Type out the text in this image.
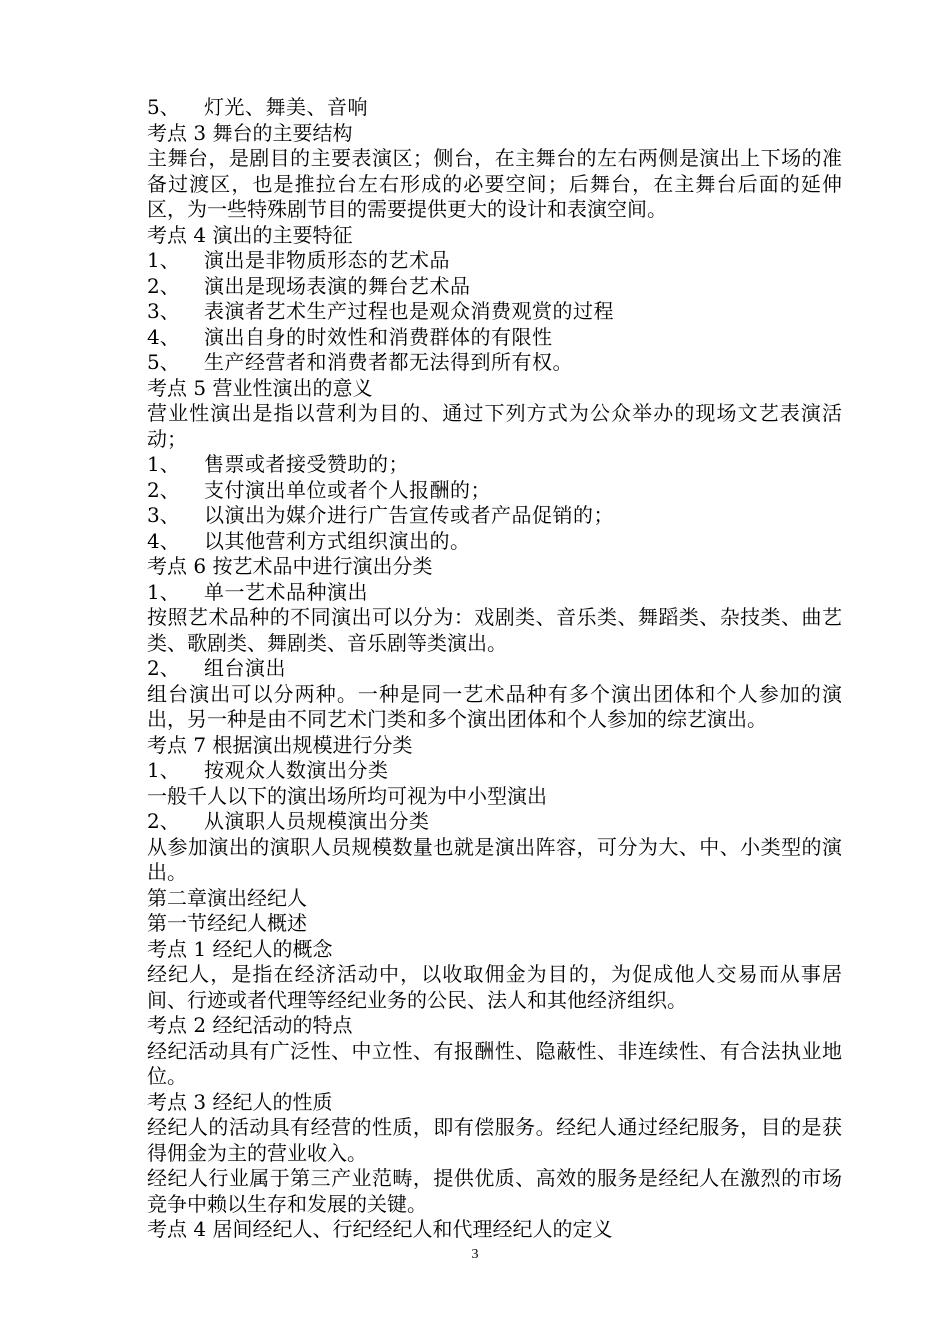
5、	灯光、舞美、音响
考点 3 舞台的主要结构
主舞台，是剧目的主要表演区；侧台，在主舞台的左右两侧是演出上下场的准备过渡区，也是推拉台左右形成的必要空间；后舞台，在主舞台后面的延伸区，为一些特殊剧节目的需要提供更大的设计和表演空间。
考点 4 演出的主要特征
1、	演出是非物质形态的艺术品
2、	演出是现场表演的舞台艺术品
3、	表演者艺术生产过程也是观众消费观赏的过程
4、	演出自身的时效性和消费群体的有限性
5、	生产经营者和消费者都无法得到所有权。
考点 5 营业性演出的意义
营业性演出是指以营利为目的、通过下列方式为公众举办的现场文艺表演活动；
1、	售票或者接受赞助的；
2、	支付演出单位或者个人报酬的；
3、	以演出为媒介进行广告宣传或者产品促销的；
4、	以其他营利方式组织演出的。
考点 6 按艺术品中进行演出分类
1、	单一艺术品种演出
按照艺术品种的不同演出可以分为：戏剧类、音乐类、舞蹈类、杂技类、曲艺类、歌剧类、舞剧类、音乐剧等类演出。
2、	组台演出
组台演出可以分两种。一种是同一艺术品种有多个演出团体和个人参加的演出，另一种是由不同艺术门类和多个演出团体和个人参加的综艺演出。
考点 7 根据演出规模进行分类
1、	按观众人数演出分类
一般千人以下的演出场所均可视为中小型演出
2、	从演职人员规模演出分类
从参加演出的演职人员规模数量也就是演出阵容，可分为大、中、小类型的演出。
第二章演出经纪人
第一节经纪人概述
考点 1 经纪人的概念
经纪人，是指在经济活动中，以收取佣金为目的，为促成他人交易而从事居间、行迹或者代理等经纪业务的公民、法人和其他经济组织。
考点 2 经纪活动的特点
经纪活动具有广泛性、中立性、有报酬性、隐蔽性、非连续性、有合法执业地位。
考点 3 经纪人的性质
经纪人的活动具有经营的性质，即有偿服务。经纪人通过经纪服务，目的是获得佣金为主的营业收入。
经纪人行业属于第三产业范畴，提供优质、高效的服务是经纪人在激烈的市场竞争中赖以生存和发展的关键。
考点 4 居间经纪人、行纪经纪人和代理经纪人的定义
3
